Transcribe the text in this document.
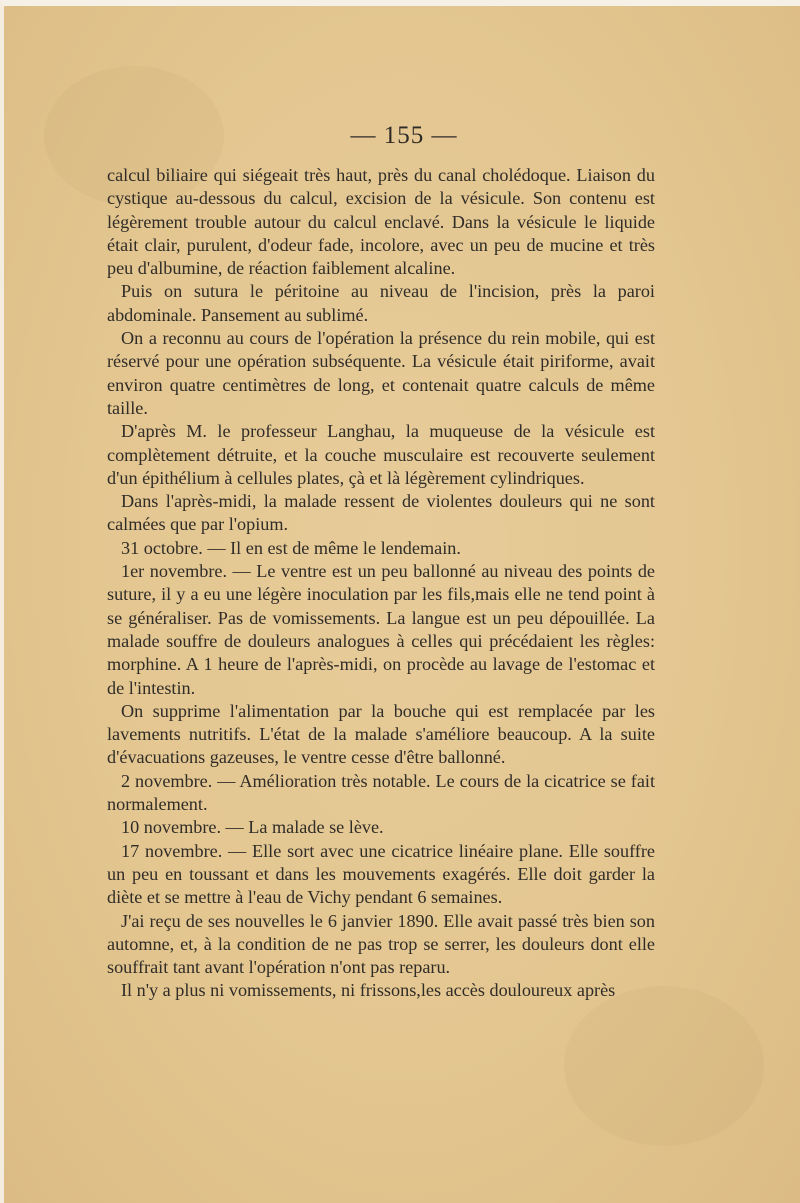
— 155 —

calcul biliaire qui siégeait très haut, près du canal cholédoque. Liaison du cystique au-dessous du calcul, excision de la vésicule. Son contenu est légèrement trouble autour du calcul enclavé. Dans la vésicule le liquide était clair, purulent, d'odeur fade, incolore, avec un peu de mucine et très peu d'albumine, de réaction faiblement alcaline.

Puis on sutura le péritoine au niveau de l'incision, près la paroi abdominale. Pansement au sublimé.

On a reconnu au cours de l'opération la présence du rein mobile, qui est réservé pour une opération subséquente. La vésicule était piriforme, avait environ quatre centimètres de long, et contenait quatre calculs de même taille.

D'après M. le professeur Langhau, la muqueuse de la vésicule est complètement détruite, et la couche musculaire est recouverte seulement d'un épithélium à cellules plates, çà et là légèrement cylindriques.

Dans l'après-midi, la malade ressent de violentes douleurs qui ne sont calmées que par l'opium.

31 octobre. — Il en est de même le lendemain.

1er novembre. — Le ventre est un peu ballonné au niveau des points de suture, il y a eu une légère inoculation par les fils,mais elle ne tend point à se généraliser. Pas de vomissements. La langue est un peu dépouillée. La malade souffre de douleurs analogues à celles qui précédaient les règles: morphine. A 1 heure de l'après-midi, on procède au lavage de l'estomac et de l'intestin.

On supprime l'alimentation par la bouche qui est remplacée par les lavements nutritifs. L'état de la malade s'améliore beaucoup. A la suite d'évacuations gazeuses, le ventre cesse d'être ballonné.

2 novembre. — Amélioration très notable. Le cours de la cicatrice se fait normalement.

10 novembre. — La malade se lève.

17 novembre. — Elle sort avec une cicatrice linéaire plane. Elle souffre un peu en toussant et dans les mouvements exagérés. Elle doit garder la diète et se mettre à l'eau de Vichy pendant 6 semaines.

J'ai reçu de ses nouvelles le 6 janvier 1890. Elle avait passé très bien son automne, et, à la condition de ne pas trop se serrer, les douleurs dont elle souffrait tant avant l'opération n'ont pas reparu.

Il n'y a plus ni vomissements, ni frissons,les accès douloureux après
